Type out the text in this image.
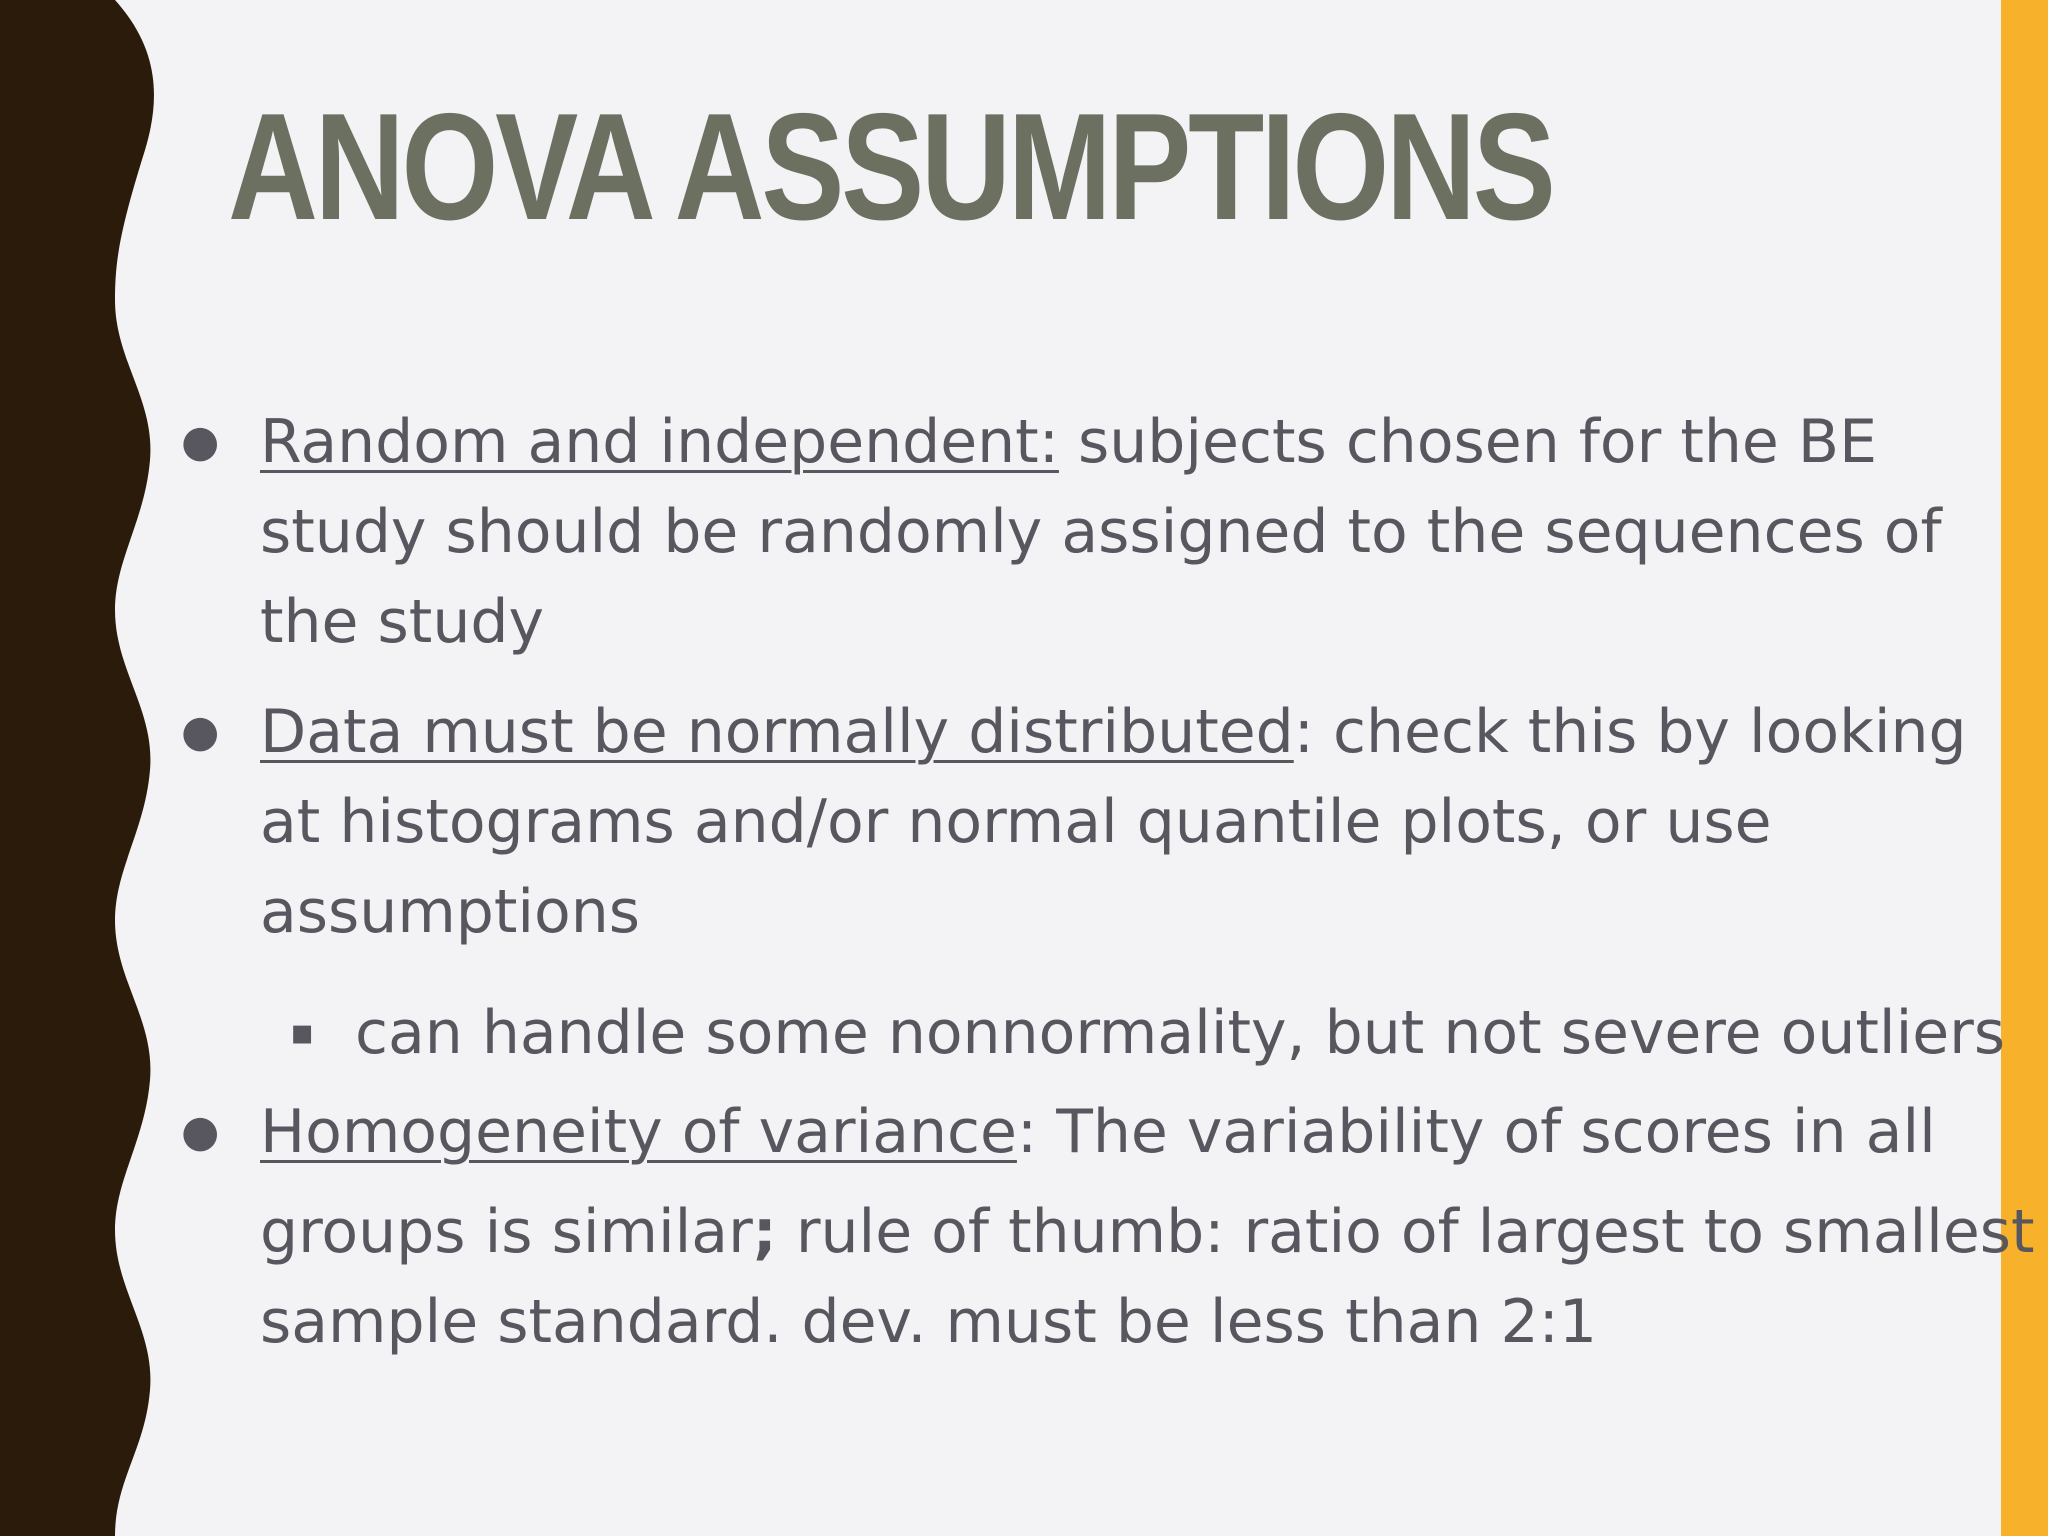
ANOVA ASSUMPTIONS
● Random and independent: subjects chosen for the BE
study should be randomly assigned to the sequences of
the study
● Data must be normally distributed: check this by looking
at histograms and/or normal quantile plots, or use
assumptions
▪ can handle some nonnormality, but not severe outliers
● Homogeneity of variance: The variability of scores in all
groups is similar; rule of thumb: ratio of largest to smallest
sample standard. dev. must be less than 2:1
